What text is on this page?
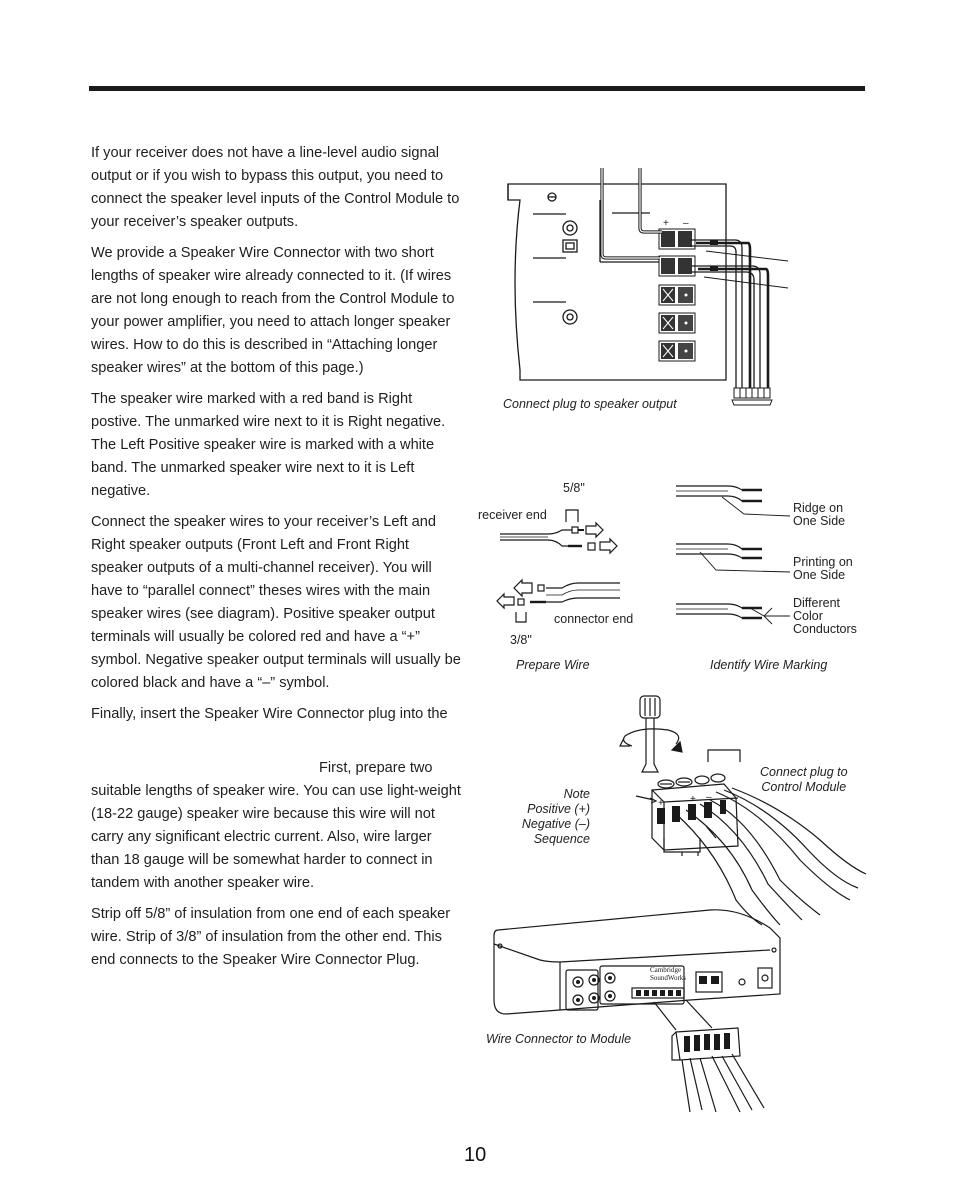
If your receiver does not have a line-level audio signal output or if you wish to bypass this output, you need to connect the speaker level inputs of the Control Module to your receiver’s speaker outputs.

We provide a Speaker Wire Connector with two short lengths of speaker wire already connected to it. (If wires are not long enough to reach from the Control Module to your power amplifier, you need to attach longer speaker wires. How to do this is described in “Attaching longer speaker wires” at the bottom of this page.)

The speaker wire marked with a red band is Right postive. The unmarked wire next to it is Right negative. The Left Positive speaker wire is marked with a white band. The unmarked speaker wire next to it is Left negative.

Connect the speaker wires to your receiver’s Left and Right speaker outputs (Front Left and Front Right speaker outputs of a multi-channel receiver). You will have to “parallel connect” theses wires with the main speaker wires (see diagram). Positive speaker output terminals will usually be colored red and have a “+” symbol. Negative speaker output terminals will usually be colored black and have a “–” symbol.

Finally, insert the Speaker Wire Connector plug into the

First, prepare two suitable lengths of speaker wire. You can use light-weight (18-22 gauge) speaker wire because this wire will not carry any significant electric current. Also, wire larger than 18 gauge will be somewhat harder to connect in tandem with another speaker wire.

Strip off 5/8” of insulation from one end of each speaker wire. Strip of 3/8” of insulation from the other end. This end connects to the Speaker Wire Connector Plug.

+ –
Connect plug to speaker output
5/8"
receiver end
connector end
3/8"
Ridge on
One Side
Printing on
One Side
Different
Color
Conductors
Prepare Wire	Identify Wire Marking
+ – + –
Note
Positive (+)
Negative (–)
Sequence
Connect plug to
Control Module
Cambridge
SoundWorks
Wire Connector to Module
10
